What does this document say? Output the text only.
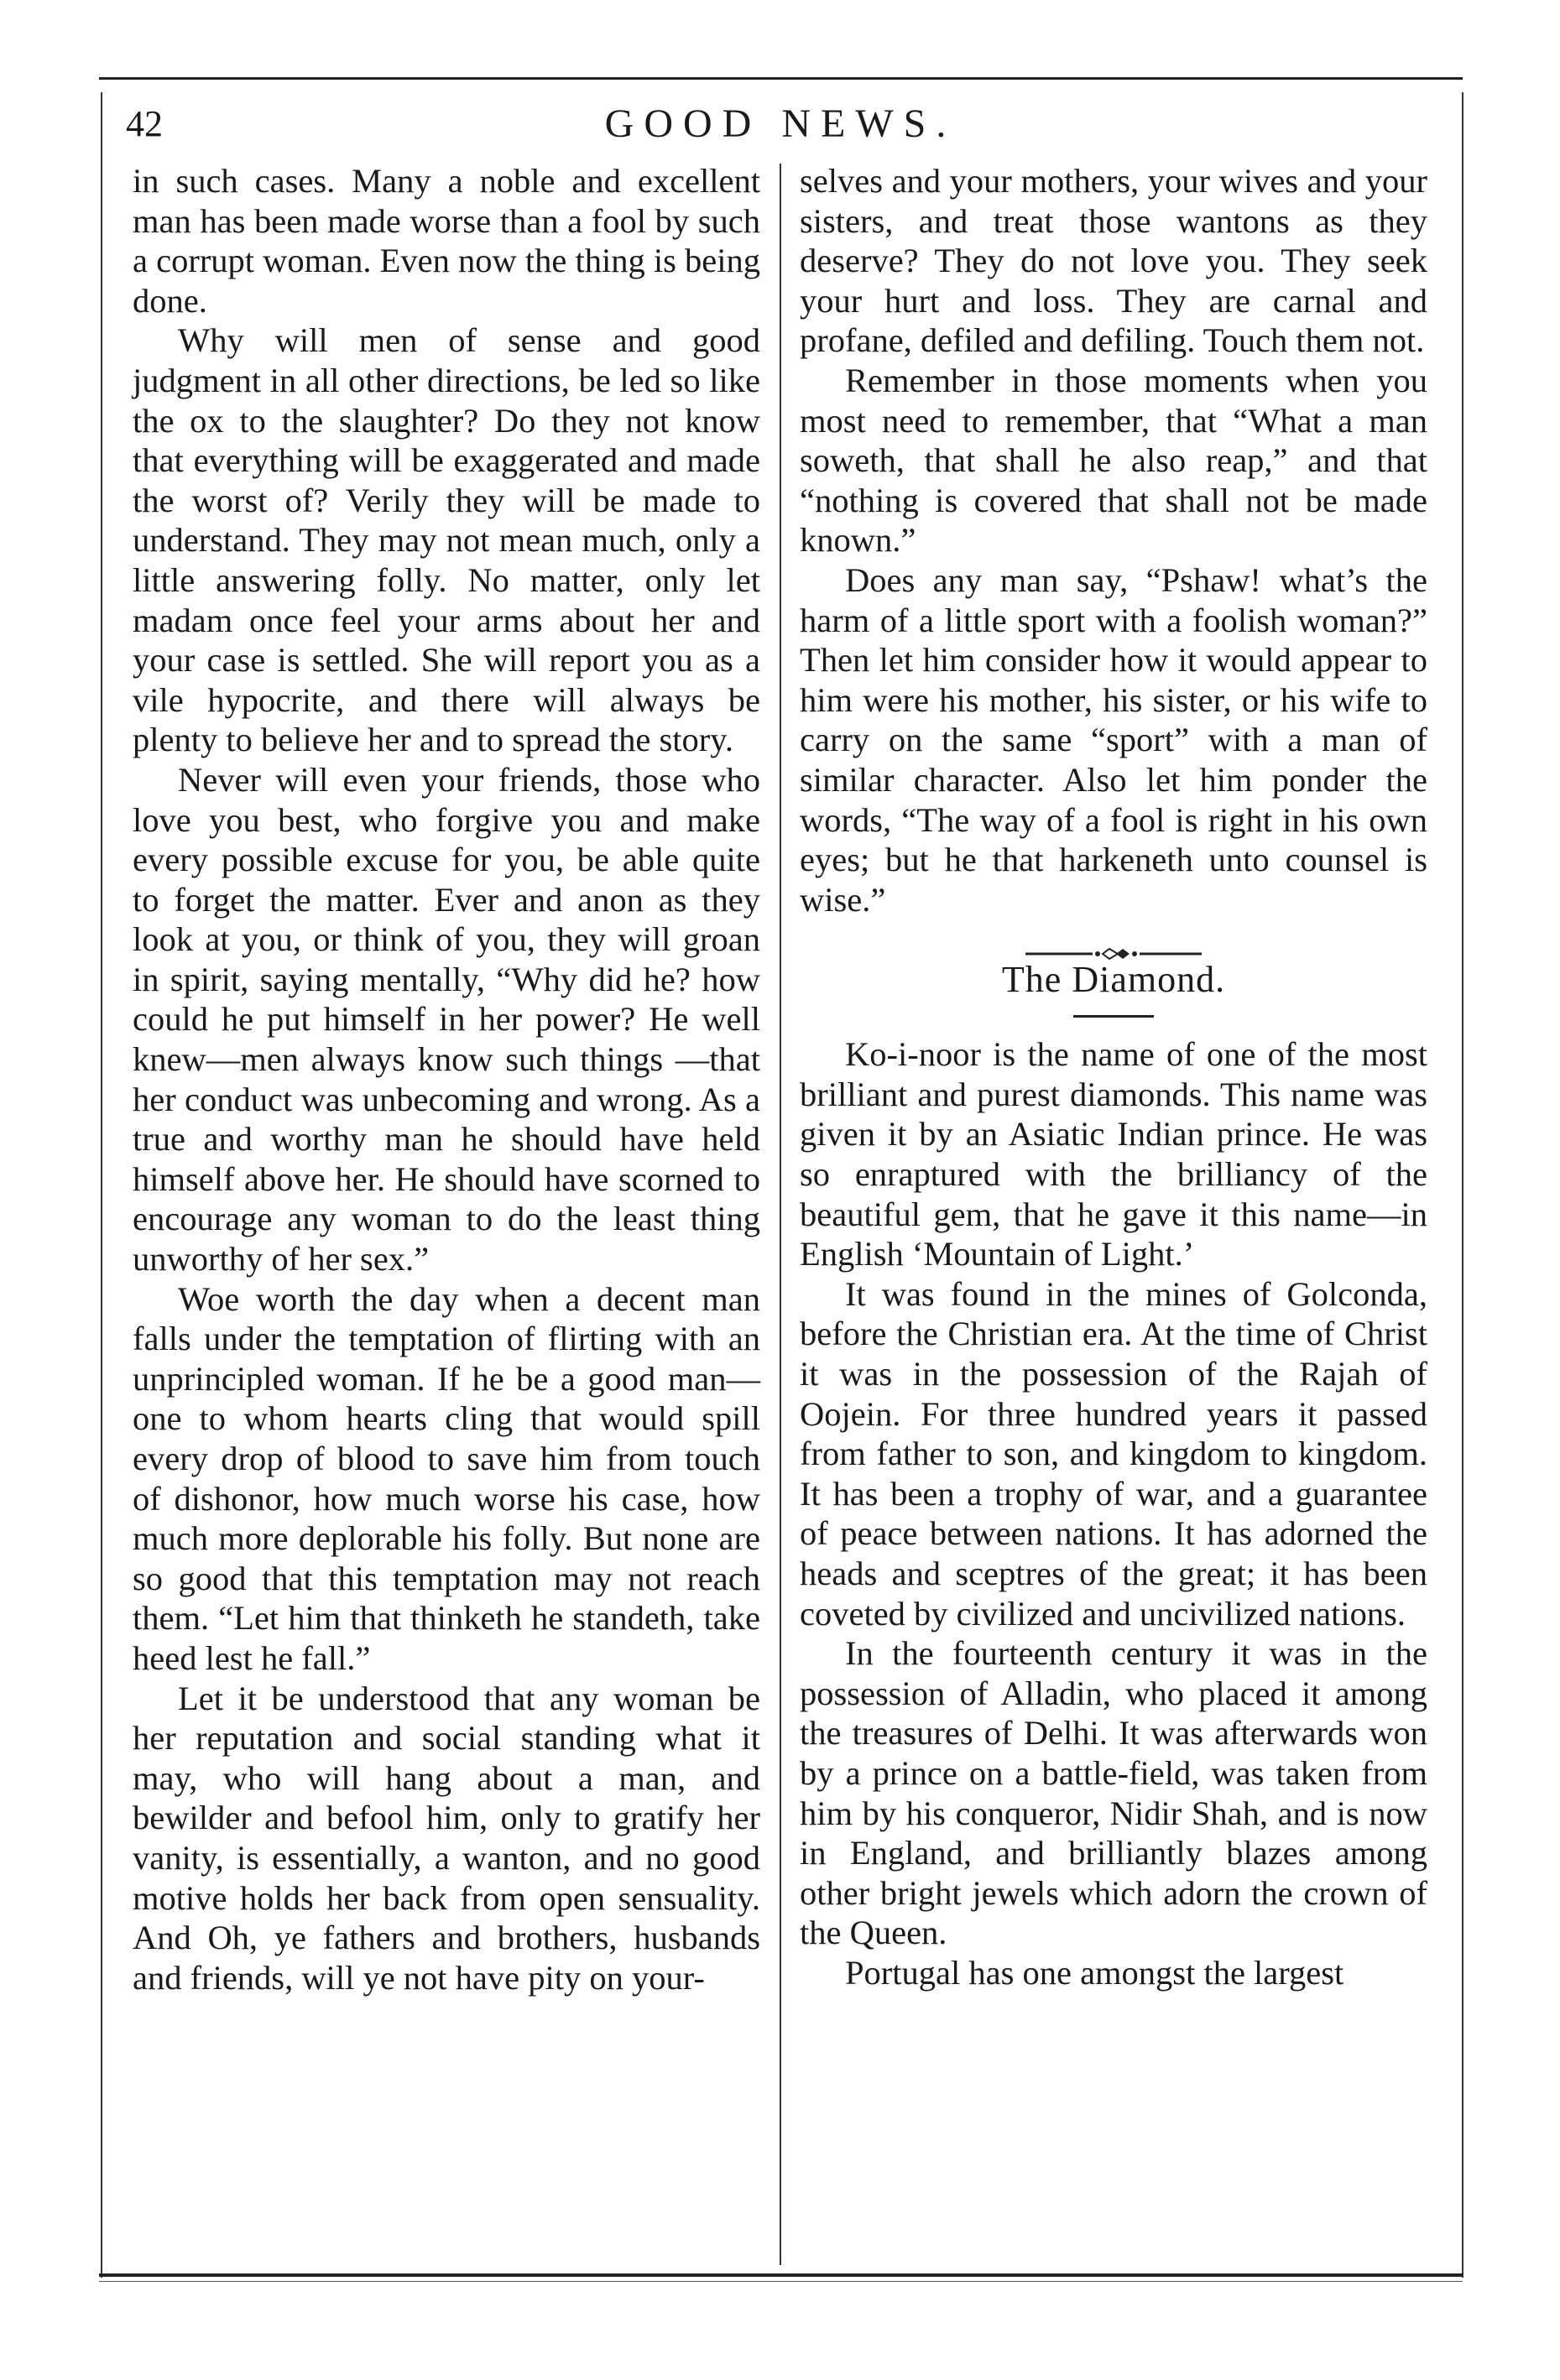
42	GOOD NEWS.

in such cases. Many a noble and excellent man has been made worse than a fool by such a corrupt woman. Even now the thing is being done.

Why will men of sense and good judgment in all other directions, be led so like the ox to the slaughter? Do they not know that everything will be exaggerated and made the worst of? Verily they will be made to understand. They may not mean much, only a little answering folly. No matter, only let madam once feel your arms about her and your case is settled. She will report you as a vile hypocrite, and there will always be plenty to believe her and to spread the story.

Never will even your friends, those who love you best, who forgive you and make every possible excuse for you, be able quite to forget the matter. Ever and anon as they look at you, or think of you, they will groan in spirit, saying mentally, “Why did he? how could he put himself in her power? He well knew—men always know such things —that her conduct was unbecoming and wrong. As a true and worthy man he should have held himself above her. He should have scorned to encourage any woman to do the least thing unworthy of her sex.”

Woe worth the day when a decent man falls under the temptation of flirting with an unprincipled woman. If he be a good man—one to whom hearts cling that would spill every drop of blood to save him from touch of dishonor, how much worse his case, how much more deplorable his folly. But none are so good that this temptation may not reach them. “Let him that thinketh he standeth, take heed lest he fall.”

Let it be understood that any woman be her reputation and social standing what it may, who will hang about a man, and bewilder and befool him, only to gratify her vanity, is essentially, a wanton, and no good motive holds her back from open sensuality. And Oh, ye fathers and brothers, husbands and friends, will ye not have pity on your-

selves and your mothers, your wives and your sisters, and treat those wantons as they deserve? They do not love you. They seek your hurt and loss. They are carnal and profane, defiled and defiling. Touch them not.

Remember in those moments when you most need to remember, that “What a man soweth, that shall he also reap,” and that “nothing is covered that shall not be made known.”

Does any man say, “Pshaw! what’s the harm of a little sport with a foolish woman?” Then let him consider how it would appear to him were his mother, his sister, or his wife to carry on the same “sport” with a man of similar character. Also let him ponder the words, “The way of a fool is right in his own eyes; but he that harkeneth unto counsel is wise.”

The Diamond.

Ko-i-noor is the name of one of the most brilliant and purest diamonds. This name was given it by an Asiatic Indian prince. He was so enraptured with the brilliancy of the beautiful gem, that he gave it this name—in English ‘Mountain of Light.’

It was found in the mines of Golconda, before the Christian era. At the time of Christ it was in the possession of the Rajah of Oojein. For three hundred years it passed from father to son, and kingdom to kingdom. It has been a trophy of war, and a guarantee of peace between nations. It has adorned the heads and sceptres of the great; it has been coveted by civilized and uncivilized nations.

In the fourteenth century it was in the possession of Alladin, who placed it among the treasures of Delhi. It was afterwards won by a prince on a battle-field, was taken from him by his conqueror, Nidir Shah, and is now in England, and brilliantly blazes among other bright jewels which adorn the crown of the Queen.

Portugal has one amongst the largest
